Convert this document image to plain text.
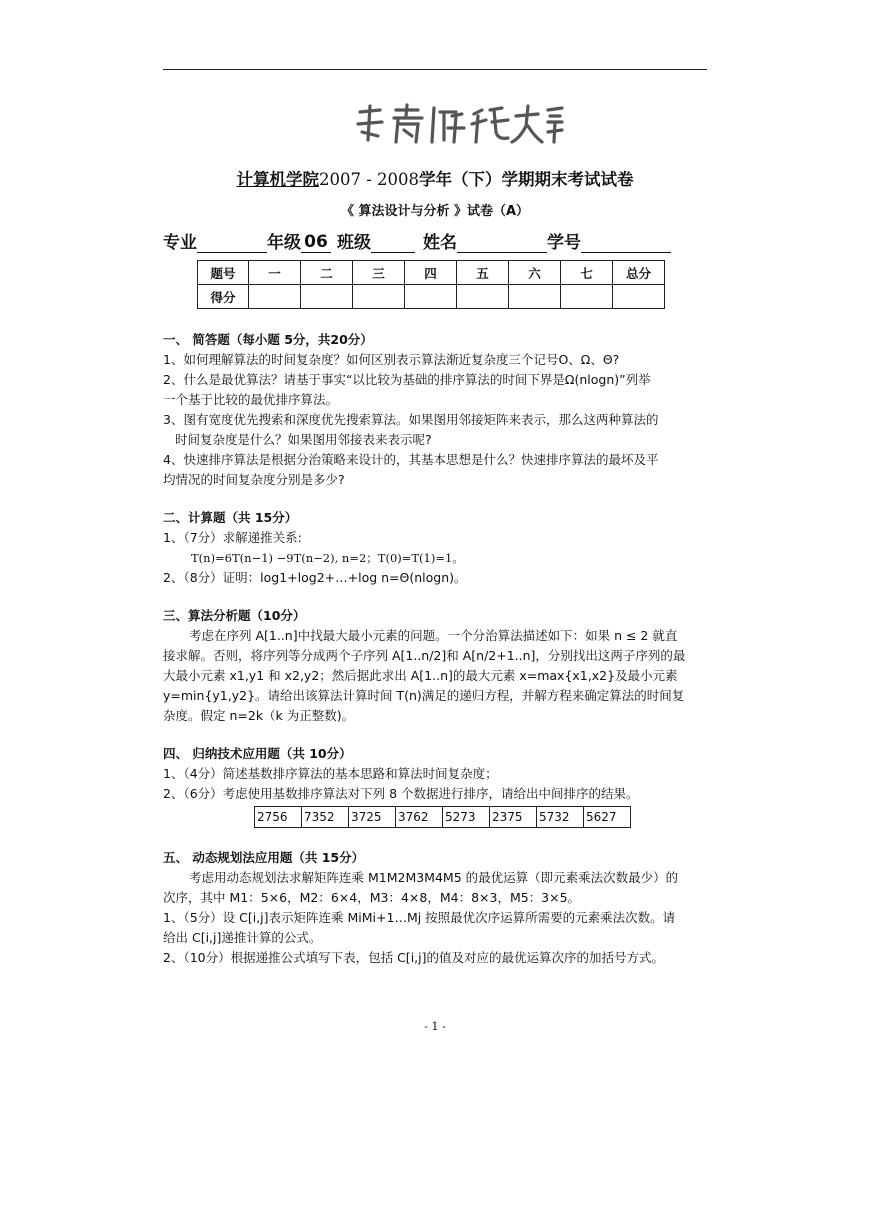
计算机学院2007 - 2008学年（下）学期期末考试试卷
《 算法设计与分析 》试卷（A）
专业	年级 06 班级	姓名	学号
题号	一	二	三	四	五	六	七	总分
得分								
一、 简答题（每小题 5分，共20分）
1、如何理解算法的时间复杂度？如何区别表示算法渐近复杂度三个记号O、Ω、Θ?
2、什么是最优算法？请基于事实“以比较为基础的排序算法的时间下界是Ω(nlogn)”列举
一个基于比较的最优排序算法。
3、图有宽度优先搜索和深度优先搜索算法。如果图用邻接矩阵来表示，那么这两种算法的
时间复杂度是什么？如果图用邻接表来表示呢?
4、快速排序算法是根据分治策略来设计的，其基本思想是什么？快速排序算法的最坏及平
均情况的时间复杂度分别是多少?
二、计算题（共 15分）
1、（7分）求解递推关系:
T(n)=6T(n−1) −9T(n−2), n=2；T(0)=T(1)=1。
2、（8分）证明：log1+log2+…+log n=Θ(nlogn)。
三、算法分析题（10分）
考虑在序列 A[1..n]中找最大最小元素的问题。一个分治算法描述如下：如果 n ≤ 2 就直
接求解。否则，将序列等分成两个子序列 A[1..n/2]和 A[n/2+1..n]，分别找出这两子序列的最
大最小元素 x1,y1 和 x2,y2；然后据此求出 A[1..n]的最大元素 x=max{x1,x2}及最小元素
y=min{y1,y2}。请给出该算法计算时间 T(n)满足的递归方程，并解方程来确定算法的时间复
杂度。假定 n=2k（k 为正整数)。
四、 归纳技术应用题（共 10分）
1、（4分）简述基数排序算法的基本思路和算法时间复杂度；
2、（6分）考虑使用基数排序算法对下列 8 个数据进行排序，请给出中间排序的结果。
2756	7352	3725	3762	5273	2375	5732	5627
五、 动态规划法应用题（共 15分）
考虑用动态规划法求解矩阵连乘 M1M2M3M4M5 的最优运算（即元素乘法次数最少）的
次序，其中 M1：5×6，M2：6×4，M3：4×8，M4：8×3，M5：3×5。
1、（5分）设 C[i,j]表示矩阵连乘 MiMi+1…Mj 按照最优次序运算所需要的元素乘法次数。请
给出 C[i,j]递推计算的公式。
2、（10分）根据递推公式填写下表，包括 C[i,j]的值及对应的最优运算次序的加括号方式。
- 1 -
